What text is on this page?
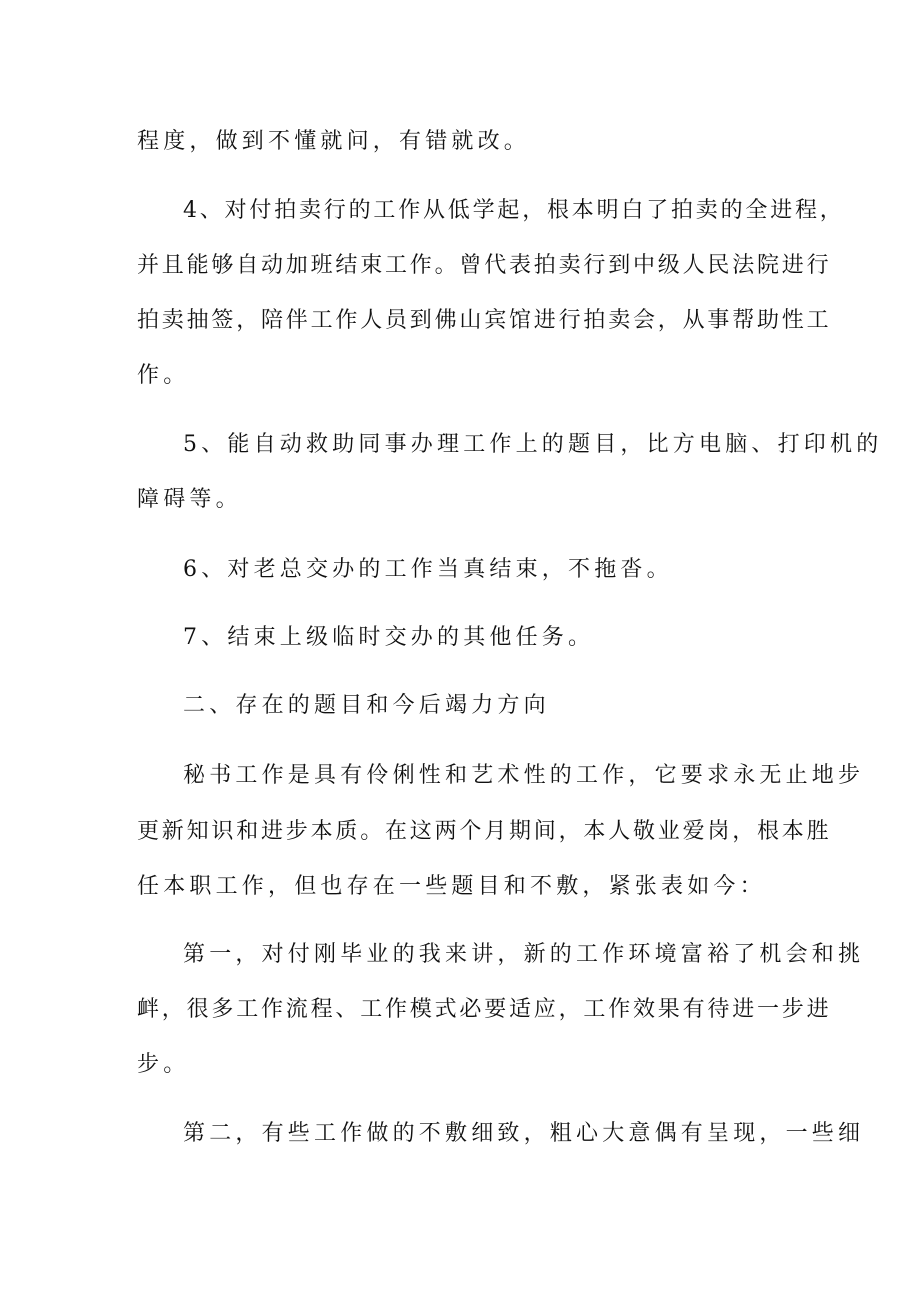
程度，做到不懂就问，有错就改。

4、对付拍卖行的工作从低学起，根本明白了拍卖的全进程，

并且能够自动加班结束工作。曾代表拍卖行到中级人民法院进行

拍卖抽签，陪伴工作人员到佛山宾馆进行拍卖会，从事帮助性工

作。

5、能自动救助同事办理工作上的题目，比方电脑、打印机的

障碍等。

6、对老总交办的工作当真结束，不拖沓。

7、结束上级临时交办的其他任务。

二、存在的题目和今后竭力方向

秘书工作是具有伶俐性和艺术性的工作，它要求永无止地步

更新知识和进步本质。在这两个月期间，本人敬业爱岗，根本胜

任本职工作，但也存在一些题目和不敷，紧张表如今：

第一，对付刚毕业的我来讲，新的工作环境富裕了机会和挑

衅，很多工作流程、工作模式必要适应，工作效果有待进一步进

步。

第二，有些工作做的不敷细致，粗心大意偶有呈现，一些细
